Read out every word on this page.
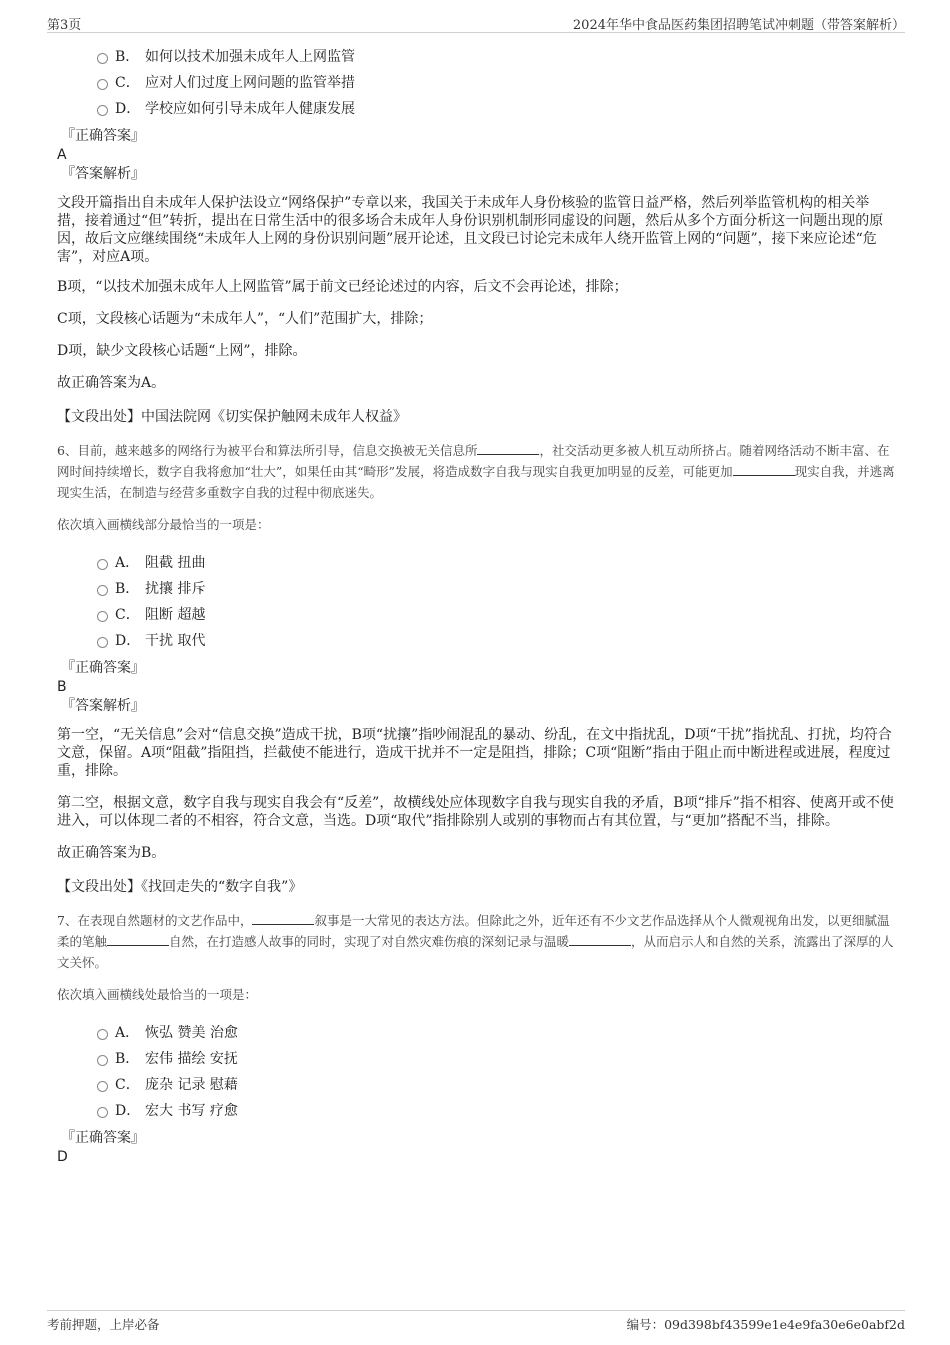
第3页	2024年华中食品医药集团招聘笔试冲刺题（带答案解析）
B． 如何以技术加强未成年人上网监管
C． 应对人们过度上网问题的监管举措
D． 学校应如何引导未成年人健康发展
『正确答案』
A
『答案解析』

文段开篇指出自未成年人保护法设立“网络保护”专章以来，我国关于未成年人身份核验的监管日益严格，然后列举监管机构的相关举措，接着通过“但”转折，提出在日常生活中的很多场合未成年人身份识别机制形同虚设的问题，然后从多个方面分析这一问题出现的原因，故后文应继续围绕“未成年人上网的身份识别问题”展开论述，且文段已讨论完未成年人绕开监管上网的“问题”，接下来应论述“危害”，对应A项。

B项，“以技术加强未成年人上网监管”属于前文已经论述过的内容，后文不会再论述，排除；

C项，文段核心话题为“未成年人”，“人们”范围扩大，排除；

D项，缺少文段核心话题“上网”，排除。

故正确答案为A。

【文段出处】中国法院网《切实保护触网未成年人权益》

6、目前，越来越多的网络行为被平台和算法所引导，信息交换被无关信息所	，社交活动更多被人机互动所挤占。随着网络活动不断丰富、在网时间持续增长，数字自我将愈加“壮大”，如果任由其“畸形”发展，将造成数字自我与现实自我更加明显的反差，可能更加	现实自我，并逃离现实生活，在制造与经营多重数字自我的过程中彻底迷失。

依次填入画横线部分最恰当的一项是：
A． 阻截 扭曲
B． 扰攘 排斥
C． 阻断 超越
D． 干扰 取代
『正确答案』
B
『答案解析』

第一空，“无关信息”会对“信息交换”造成干扰，B项“扰攘”指吵闹混乱的暴动、纷乱，在文中指扰乱，D项“干扰”指扰乱、打扰，均符合文意，保留。A项“阻截”指阻挡，拦截使不能进行，造成干扰并不一定是阻挡，排除；C项“阻断”指由于阻止而中断进程或进展，程度过重，排除。

第二空，根据文意，数字自我与现实自我会有“反差”，故横线处应体现数字自我与现实自我的矛盾，B项“排斥”指不相容、使离开或不使进入，可以体现二者的不相容，符合文意，当选。D项“取代”指排除别人或别的事物而占有其位置，与“更加”搭配不当，排除。

故正确答案为B。

【文段出处】《找回走失的“数字自我”》

7、在表现自然题材的文艺作品中，	叙事是一大常见的表达方法。但除此之外，近年还有不少文艺作品选择从个人微观视角出发，以更细腻温柔的笔触	自然，在打造感人故事的同时，实现了对自然灾难伤痕的深刻记录与温暖	，从而启示人和自然的关系，流露出了深厚的人文关怀。

依次填入画横线处最恰当的一项是：
A． 恢弘 赞美 治愈
B． 宏伟 描绘 安抚
C． 庞杂 记录 慰藉
D． 宏大 书写 疗愈
『正确答案』
D
考前押题，上岸必备	编号：09d398bf43599e1e4e9fa30e6e0abf2d
